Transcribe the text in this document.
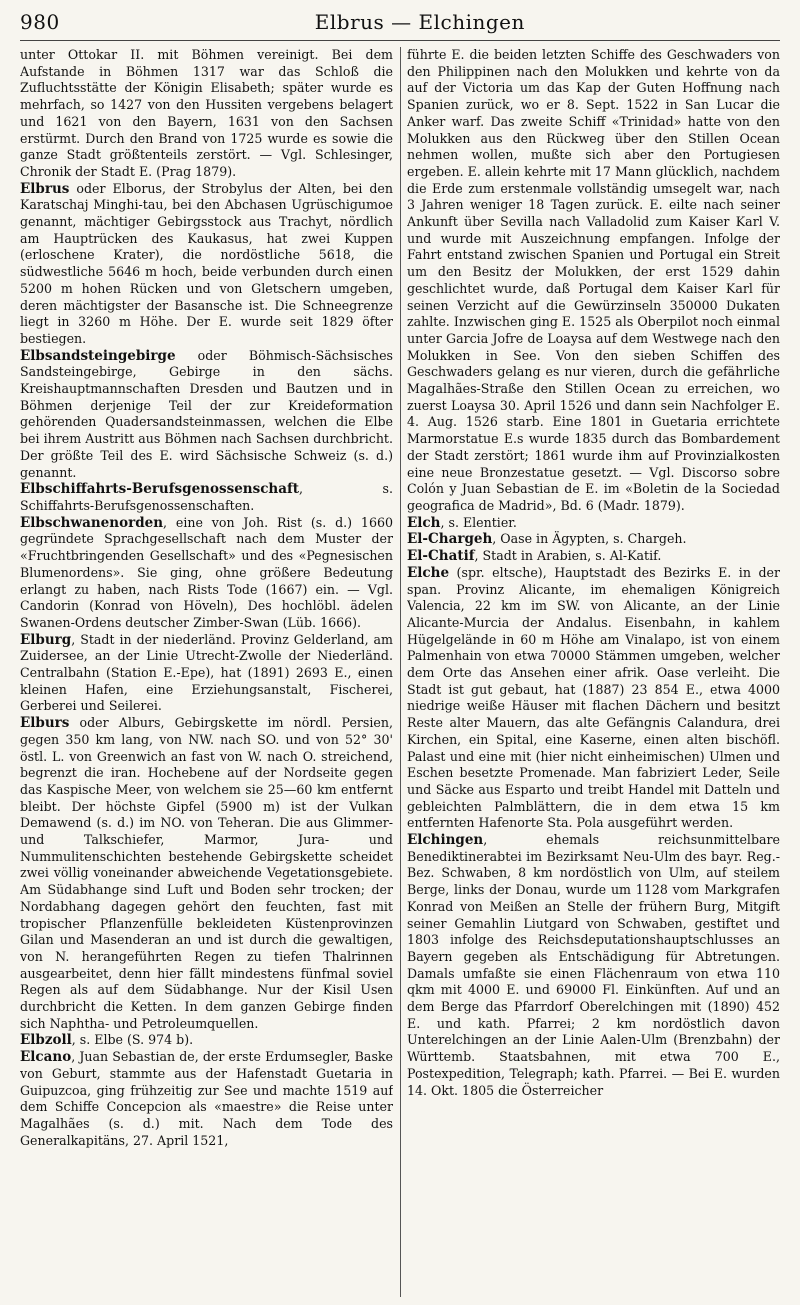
980	Elbrus — Elchingen

unter Ottokar II. mit Böhmen vereinigt. Bei dem Aufstande in Böhmen 1317 war das Schloß die Zufluchtsstätte der Königin Elisabeth; später wurde es mehrfach, so 1427 von den Hussiten vergebens belagert und 1621 von den Bayern, 1631 von den Sachsen erstürmt. Durch den Brand von 1725 wurde es sowie die ganze Stadt größtenteils zerstört. — Vgl. Schlesinger, Chronik der Stadt E. (Prag 1879).

Elbrus oder Elborus, der Strobylus der Alten, bei den Karatschaj Minghi-tau, bei den Abchasen Ugrüschigumoe genannt, mächtiger Gebirgsstock aus Trachyt, nördlich am Hauptrücken des Kaukasus, hat zwei Kuppen (erloschene Krater), die nordöstliche 5618, die südwestliche 5646 m hoch, beide verbunden durch einen 5200 m hohen Rücken und von Gletschern umgeben, deren mächtigster der Basansche ist. Die Schneegrenze liegt in 3260 m Höhe. Der E. wurde seit 1829 öfter bestiegen.

Elbsandsteingebirge oder Böhmisch-Sächsisches Sandsteingebirge, Gebirge in den sächs. Kreishauptmannschaften Dresden und Bautzen und in Böhmen derjenige Teil der zur Kreideformation gehörenden Quadersandsteinmassen, welchen die Elbe bei ihrem Austritt aus Böhmen nach Sachsen durchbricht. Der größte Teil des E. wird Sächsische Schweiz (s. d.) genannt.

Elbschiffahrts-Berufsgenossenschaft, s. Schiffahrts-Berufsgenossenschaften.

Elbschwanenorden, eine von Joh. Rist (s. d.) 1660 gegründete Sprachgesellschaft nach dem Muster der «Fruchtbringenden Gesellschaft» und des «Pegnesischen Blumenordens». Sie ging, ohne größere Bedeutung erlangt zu haben, nach Rists Tode (1667) ein. — Vgl. Candorin (Konrad von Höveln), Des hochlöbl. ädelen Swanen-Ordens deutscher Zimber-Swan (Lüb. 1666).

Elburg, Stadt in der niederländ. Provinz Gelderland, am Zuidersee, an der Linie Utrecht-Zwolle der Niederländ. Centralbahn (Station E.-Epe), hat (1891) 2693 E., einen kleinen Hafen, eine Erziehungsanstalt, Fischerei, Gerberei und Seilerei.

Elburs oder Alburs, Gebirgskette im nördl. Persien, gegen 350 km lang, von NW. nach SO. und von 52° 30' östl. L. von Greenwich an fast von W. nach O. streichend, begrenzt die iran. Hochebene auf der Nordseite gegen das Kaspische Meer, von welchem sie 25—60 km entfernt bleibt. Der höchste Gipfel (5900 m) ist der Vulkan Demawend (s. d.) im NO. von Teheran. Die aus Glimmer- und Talkschiefer, Marmor, Jura- und Nummulitenschichten bestehende Gebirgskette scheidet zwei völlig voneinander abweichende Vegetationsgebiete. Am Südabhange sind Luft und Boden sehr trocken; der Nordabhang dagegen gehört den feuchten, fast mit tropischer Pflanzenfülle bekleideten Küstenprovinzen Gilan und Masenderan an und ist durch die gewaltigen, von N. herangeführten Regen zu tiefen Thalrinnen ausgearbeitet, denn hier fällt mindestens fünfmal soviel Regen als auf dem Südabhange. Nur der Kisil Usen durchbricht die Ketten. In dem ganzen Gebirge finden sich Naphtha- und Petroleumquellen.

Elbzoll, s. Elbe (S. 974 b).

Elcano, Juan Sebastian de, der erste Erdumsegler, Baske von Geburt, stammte aus der Hafenstadt Guetaria in Guipuzcoa, ging frühzeitig zur See und machte 1519 auf dem Schiffe Concepcion als «maestre» die Reise unter Magalhães (s. d.) mit. Nach dem Tode des Generalkapitäns, 27. April 1521,

führte E. die beiden letzten Schiffe des Geschwaders von den Philippinen nach den Molukken und kehrte von da auf der Victoria um das Kap der Guten Hoffnung nach Spanien zurück, wo er 8. Sept. 1522 in San Lucar die Anker warf. Das zweite Schiff «Trinidad» hatte von den Molukken aus den Rückweg über den Stillen Ocean nehmen wollen, mußte sich aber den Portugiesen ergeben. E. allein kehrte mit 17 Mann glücklich, nachdem die Erde zum erstenmale vollständig umsegelt war, nach 3 Jahren weniger 18 Tagen zurück. E. eilte nach seiner Ankunft über Sevilla nach Valladolid zum Kaiser Karl V. und wurde mit Auszeichnung empfangen. Infolge der Fahrt entstand zwischen Spanien und Portugal ein Streit um den Besitz der Molukken, der erst 1529 dahin geschlichtet wurde, daß Portugal dem Kaiser Karl für seinen Verzicht auf die Gewürzinseln 350000 Dukaten zahlte. Inzwischen ging E. 1525 als Oberpilot noch einmal unter Garcia Jofre de Loaysa auf dem Westwege nach den Molukken in See. Von den sieben Schiffen des Geschwaders gelang es nur vieren, durch die gefährliche Magalhães-Straße den Stillen Ocean zu erreichen, wo zuerst Loaysa 30. April 1526 und dann sein Nachfolger E. 4. Aug. 1526 starb. Eine 1801 in Guetaria errichtete Marmorstatue E.s wurde 1835 durch das Bombardement der Stadt zerstört; 1861 wurde ihm auf Provinzialkosten eine neue Bronzestatue gesetzt. — Vgl. Discorso sobre Colón y Juan Sebastian de E. im «Boletin de la Sociedad geografica de Madrid», Bd. 6 (Madr. 1879).

Elch, s. Elentier.

El-Chargeh, Oase in Ägypten, s. Chargeh.

El-Chatif, Stadt in Arabien, s. Al-Katif.

Elche (spr. eltsche), Hauptstadt des Bezirks E. in der span. Provinz Alicante, im ehemaligen Königreich Valencia, 22 km im SW. von Alicante, an der Linie Alicante-Murcia der Andalus. Eisenbahn, in kahlem Hügelgelände in 60 m Höhe am Vinalapo, ist von einem Palmenhain von etwa 70000 Stämmen umgeben, welcher dem Orte das Ansehen einer afrik. Oase verleiht. Die Stadt ist gut gebaut, hat (1887) 23 854 E., etwa 4000 niedrige weiße Häuser mit flachen Dächern und besitzt Reste alter Mauern, das alte Gefängnis Calandura, drei Kirchen, ein Spital, eine Kaserne, einen alten bischöfl. Palast und eine mit (hier nicht einheimischen) Ulmen und Eschen besetzte Promenade. Man fabriziert Leder, Seile und Säcke aus Esparto und treibt Handel mit Datteln und gebleichten Palmblättern, die in dem etwa 15 km entfernten Hafenorte Sta. Pola ausgeführt werden.

Elchingen, ehemals reichsunmittelbare Benediktinerabtei im Bezirksamt Neu-Ulm des bayr. Reg.-Bez. Schwaben, 8 km nordöstlich von Ulm, auf steilem Berge, links der Donau, wurde um 1128 vom Markgrafen Konrad von Meißen an Stelle der frühern Burg, Mitgift seiner Gemahlin Liutgard von Schwaben, gestiftet und 1803 infolge des Reichsdeputationshauptschlusses an Bayern gegeben als Entschädigung für Abtretungen. Damals umfaßte sie einen Flächenraum von etwa 110 qkm mit 4000 E. und 69000 Fl. Einkünften. Auf und an dem Berge das Pfarrdorf Oberelchingen mit (1890) 452 E. und kath. Pfarrei; 2 km nordöstlich davon Unterelchingen an der Linie Aalen-Ulm (Brenzbahn) der Württemb. Staatsbahnen, mit etwa 700 E., Postexpedition, Telegraph; kath. Pfarrei. — Bei E. wurden 14. Okt. 1805 die Österreicher
